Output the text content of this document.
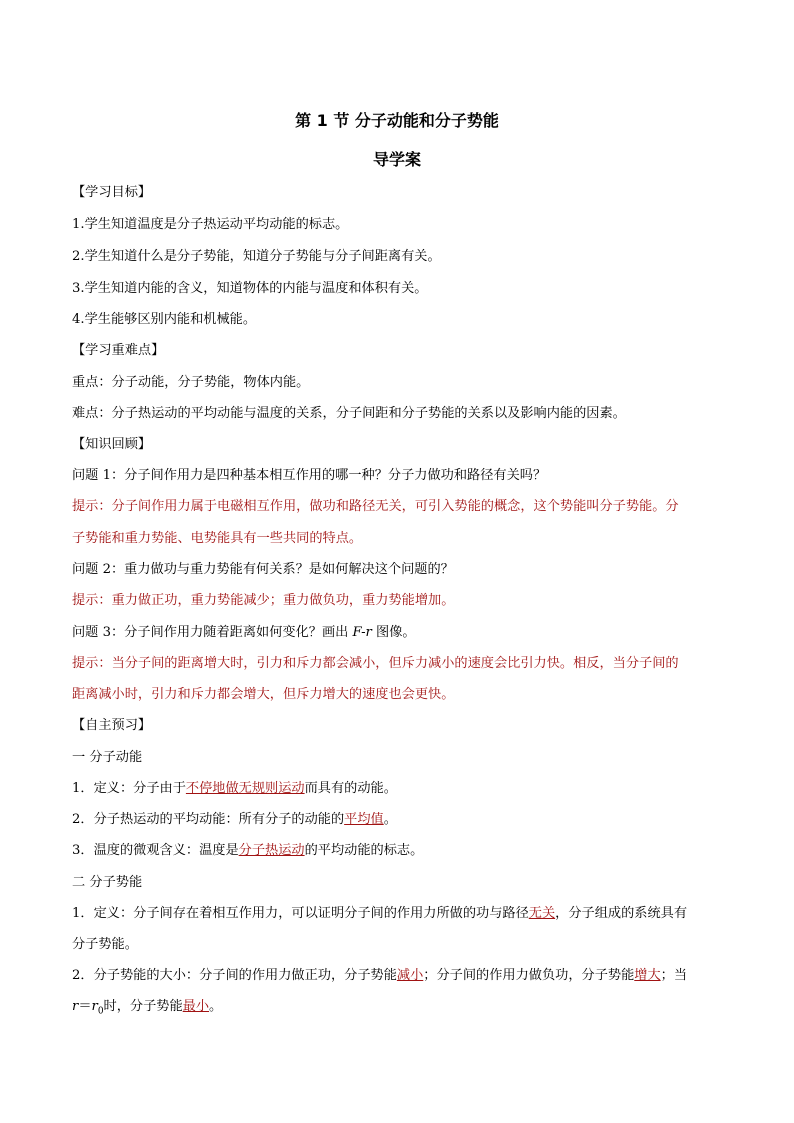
第 1 节 分子动能和分子势能
导学案
【学习目标】
1.学生知道温度是分子热运动平均动能的标志。
2.学生知道什么是分子势能，知道分子势能与分子间距离有关。
3.学生知道内能的含义，知道物体的内能与温度和体积有关。
4.学生能够区别内能和机械能。
【学习重难点】
重点：分子动能，分子势能，物体内能。
难点：分子热运动的平均动能与温度的关系，分子间距和分子势能的关系以及影响内能的因素。
【知识回顾】
问题 1：分子间作用力是四种基本相互作用的哪一种？分子力做功和路径有关吗？
提示：分子间作用力属于电磁相互作用，做功和路径无关，可引入势能的概念，这个势能叫分子势能。分
子势能和重力势能、电势能具有一些共同的特点。
问题 2：重力做功与重力势能有何关系？是如何解决这个问题的？
提示：重力做正功，重力势能减少；重力做负功，重力势能增加。
问题 3：分子间作用力随着距离如何变化？画出 F-r 图像。
提示：当分子间的距离增大时，引力和斥力都会减小，但斥力减小的速度会比引力快。相反，当分子间的
距离减小时，引力和斥力都会增大，但斥力增大的速度也会更快。
【自主预习】
一 分子动能
1．定义：分子由于不停地做无规则运动而具有的动能。
2．分子热运动的平均动能：所有分子的动能的平均值。
3．温度的微观含义：温度是分子热运动的平均动能的标志。
二 分子势能
1．定义：分子间存在着相互作用力，可以证明分子间的作用力所做的功与路径无关，分子组成的系统具有
分子势能。
2．分子势能的大小：分子间的作用力做正功，分子势能减小；分子间的作用力做负功，分子势能增大；当
$r=r_0$时，分子势能最小。
